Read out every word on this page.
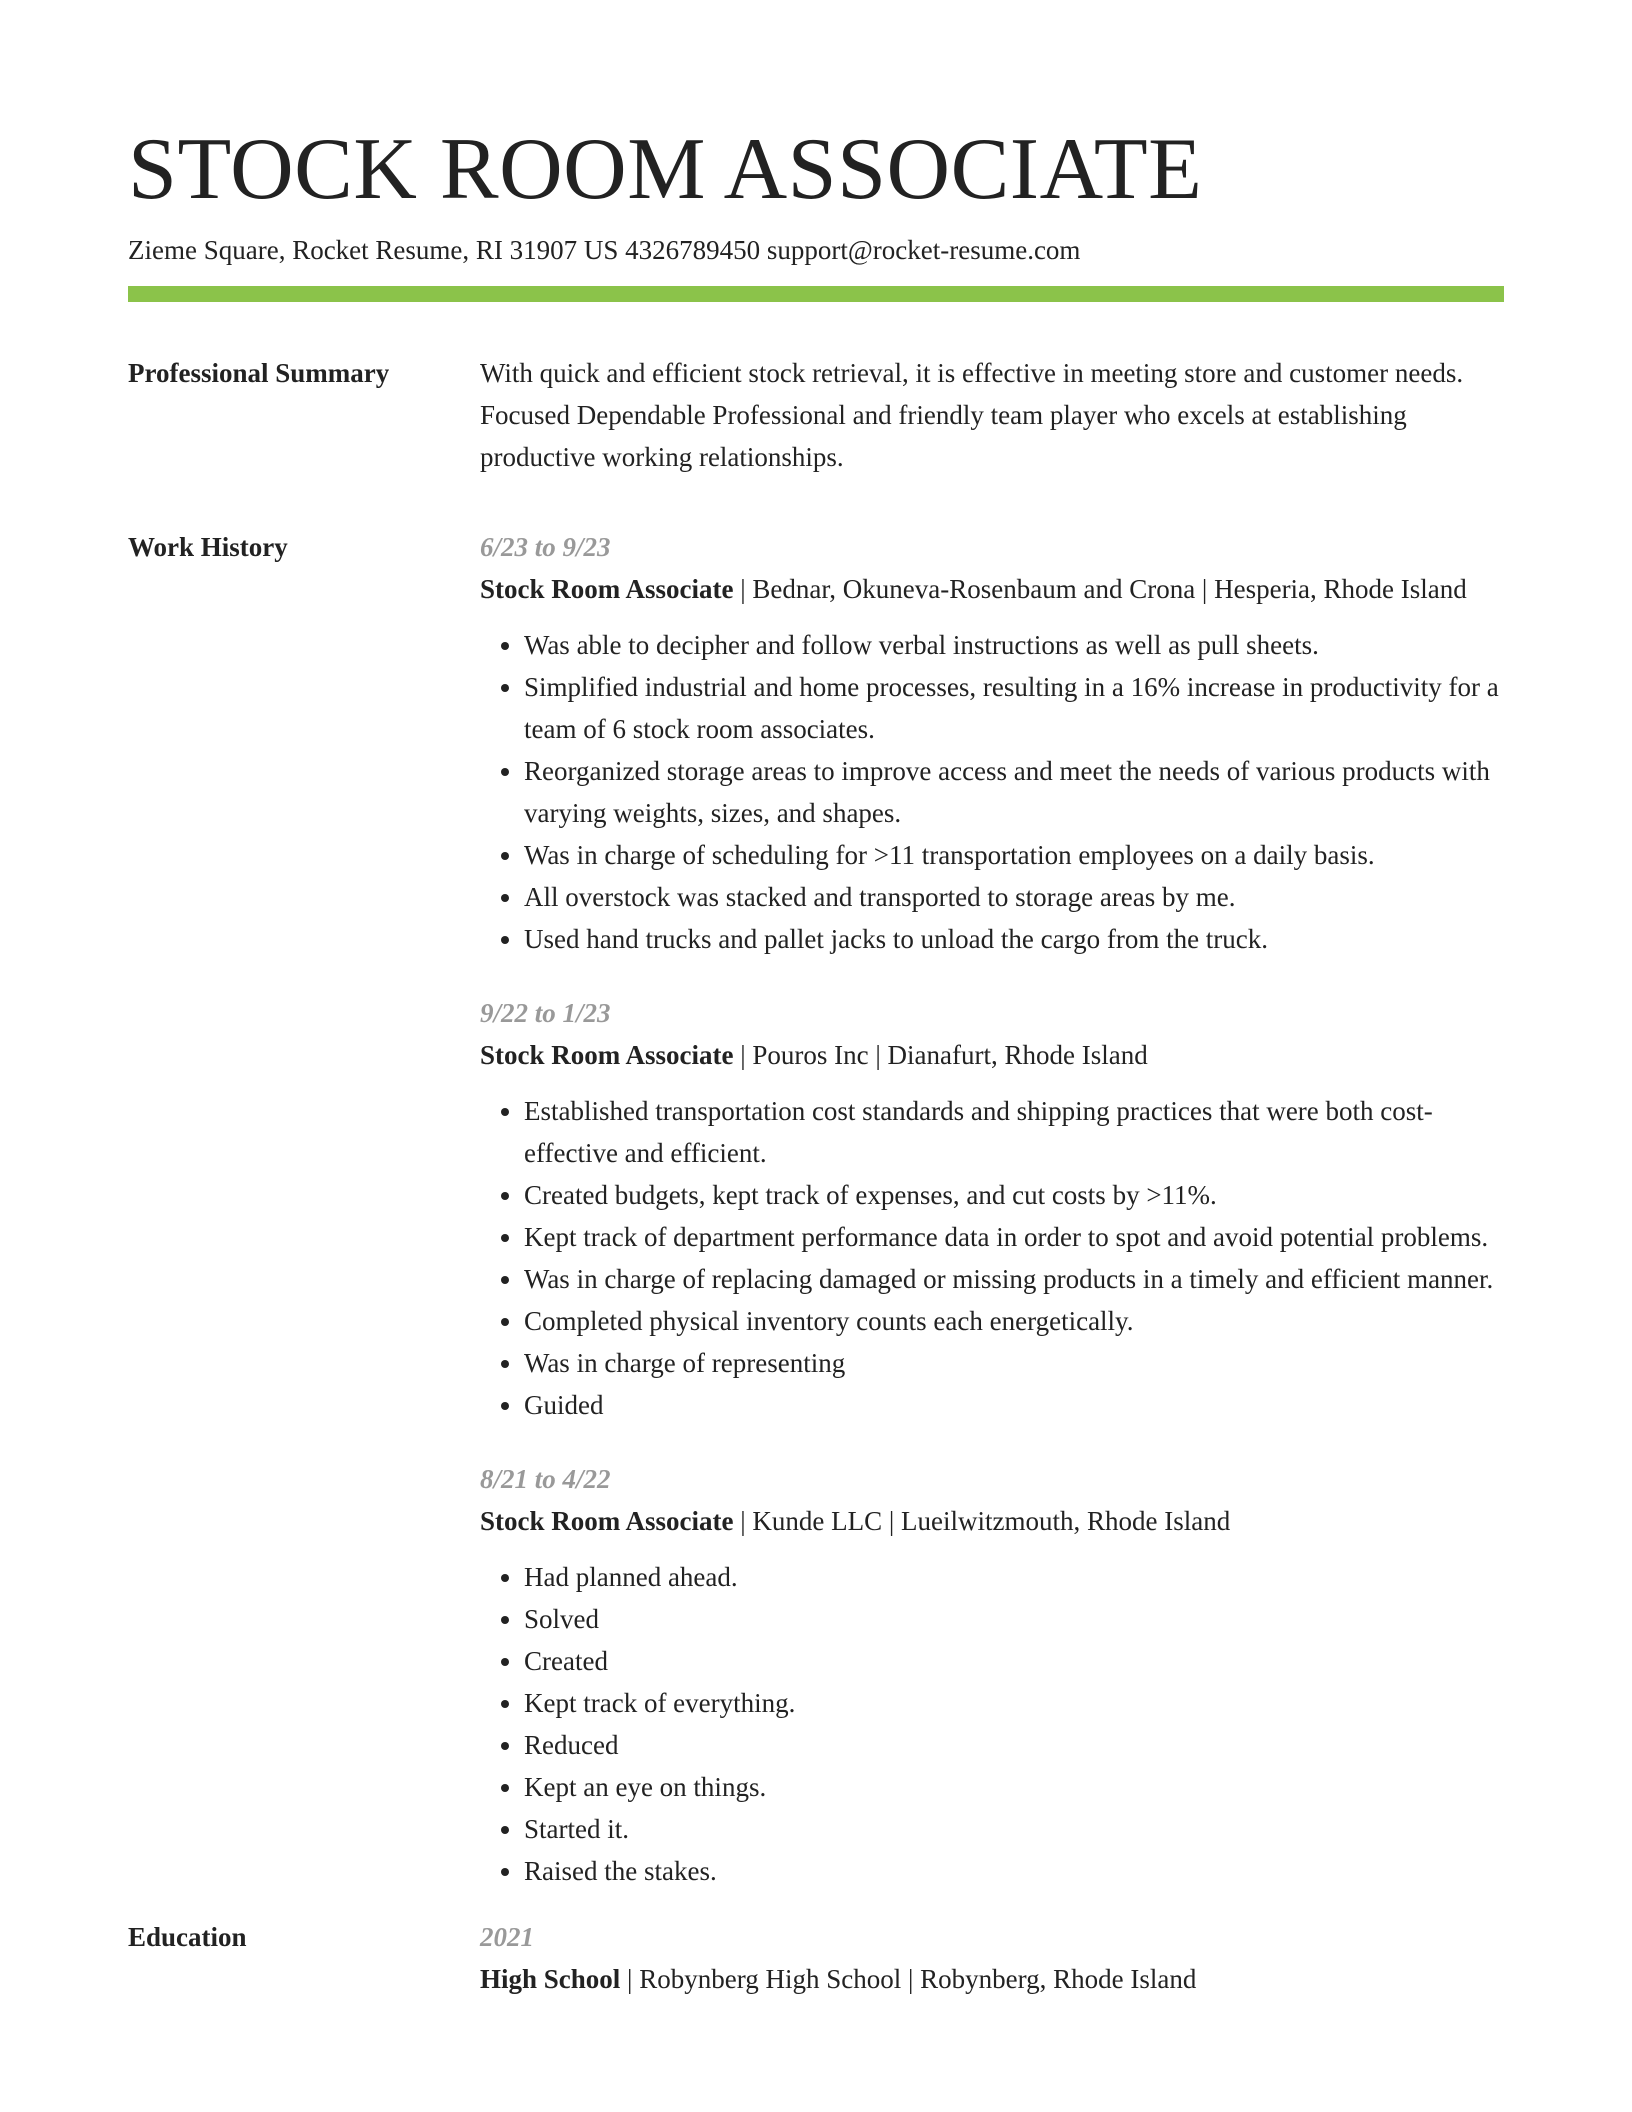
STOCK ROOM ASSOCIATE
Zieme Square, Rocket Resume, RI 31907 US 4326789450 support@rocket-resume.com
Professional Summary	With quick and efficient stock retrieval, it is effective in meeting store and customer needs. Focused Dependable Professional and friendly team player who excels at establishing productive working relationships.
Work History	6/23 to 9/23
Stock Room Associate | Bednar, Okuneva-Rosenbaum and Crona | Hesperia, Rhode Island
• Was able to decipher and follow verbal instructions as well as pull sheets.
• Simplified industrial and home processes, resulting in a 16% increase in productivity for a team of 6 stock room associates.
• Reorganized storage areas to improve access and meet the needs of various products with varying weights, sizes, and shapes.
• Was in charge of scheduling for >11 transportation employees on a daily basis.
• All overstock was stacked and transported to storage areas by me.
• Used hand trucks and pallet jacks to unload the cargo from the truck.
9/22 to 1/23
Stock Room Associate | Pouros Inc | Dianafurt, Rhode Island
• Established transportation cost standards and shipping practices that were both cost-effective and efficient.
• Created budgets, kept track of expenses, and cut costs by >11%.
• Kept track of department performance data in order to spot and avoid potential problems.
• Was in charge of replacing damaged or missing products in a timely and efficient manner.
• Completed physical inventory counts each energetically.
• Was in charge of representing
• Guided
8/21 to 4/22
Stock Room Associate | Kunde LLC | Lueilwitzmouth, Rhode Island
• Had planned ahead.
• Solved
• Created
• Kept track of everything.
• Reduced
• Kept an eye on things.
• Started it.
• Raised the stakes.
Education	2021
High School | Robynberg High School | Robynberg, Rhode Island
